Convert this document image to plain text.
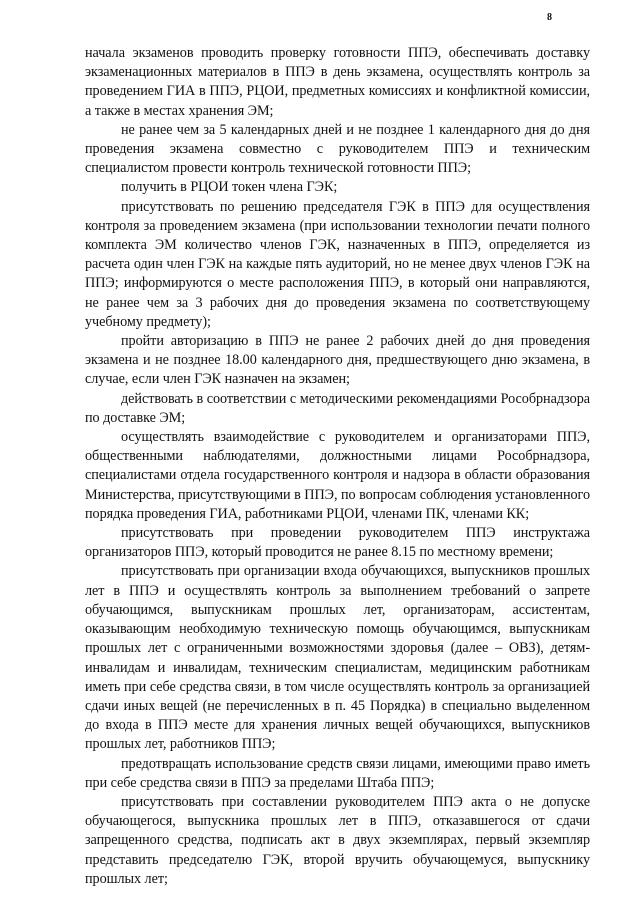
8

начала экзаменов проводить проверку готовности ППЭ, обеспечивать доставку экзаменационных материалов в ППЭ в день экзамена, осуществлять контроль за проведением ГИА в ППЭ, РЦОИ, предметных комиссиях и конфликтной комиссии, а также в местах хранения ЭМ;

не ранее чем за 5 календарных дней и не позднее 1 календарного дня до дня проведения экзамена совместно с руководителем ППЭ и техническим специалистом провести контроль технической готовности ППЭ;

получить в РЦОИ токен члена ГЭК;

присутствовать по решению председателя ГЭК в ППЭ для осуществления контроля за проведением экзамена (при использовании технологии печати полного комплекта ЭМ количество членов ГЭК, назначенных в ППЭ, определяется из расчета один член ГЭК на каждые пять аудиторий, но не менее двух членов ГЭК на ППЭ; информируются о месте расположения ППЭ, в который они направляются, не ранее чем за 3 рабочих дня до проведения экзамена по соответствующему учебному предмету);

пройти авторизацию в ППЭ не ранее 2 рабочих дней до дня проведения экзамена и не позднее 18.00 календарного дня, предшествующего дню экзамена, в случае, если член ГЭК назначен на экзамен;

действовать в соответствии с методическими рекомендациями Рособрнадзора по доставке ЭМ;

осуществлять взаимодействие с руководителем и организаторами ППЭ, общественными наблюдателями, должностными лицами Рособрнадзора, специалистами отдела государственного контроля и надзора в области образования Министерства, присутствующими в ППЭ, по вопросам соблюдения установленного порядка проведения ГИА, работниками РЦОИ, членами ПК, членами КК;

присутствовать при проведении руководителем ППЭ инструктажа организаторов ППЭ, который проводится не ранее 8.15 по местному времени;

присутствовать при организации входа обучающихся, выпускников прошлых лет в ППЭ и осуществлять контроль за выполнением требований о запрете обучающимся, выпускникам прошлых лет, организаторам, ассистентам, оказывающим необходимую техническую помощь обучающимся, выпускникам прошлых лет с ограниченными возможностями здоровья (далее – ОВЗ), детям-инвалидам и инвалидам, техническим специалистам, медицинским работникам иметь при себе средства связи, в том числе осуществлять контроль за организацией сдачи иных вещей (не перечисленных в п. 45 Порядка) в специально выделенном до входа в ППЭ месте для хранения личных вещей обучающихся, выпускников прошлых лет, работников ППЭ;

предотвращать использование средств связи лицами, имеющими право иметь при себе средства связи в ППЭ за пределами Штаба ППЭ;

присутствовать при составлении руководителем ППЭ акта о не допуске обучающегося, выпускника прошлых лет в ППЭ, отказавшегося от сдачи запрещенного средства, подписать акт в двух экземплярах, первый экземпляр представить председателю ГЭК, второй вручить обучающемуся, выпускнику прошлых лет;
